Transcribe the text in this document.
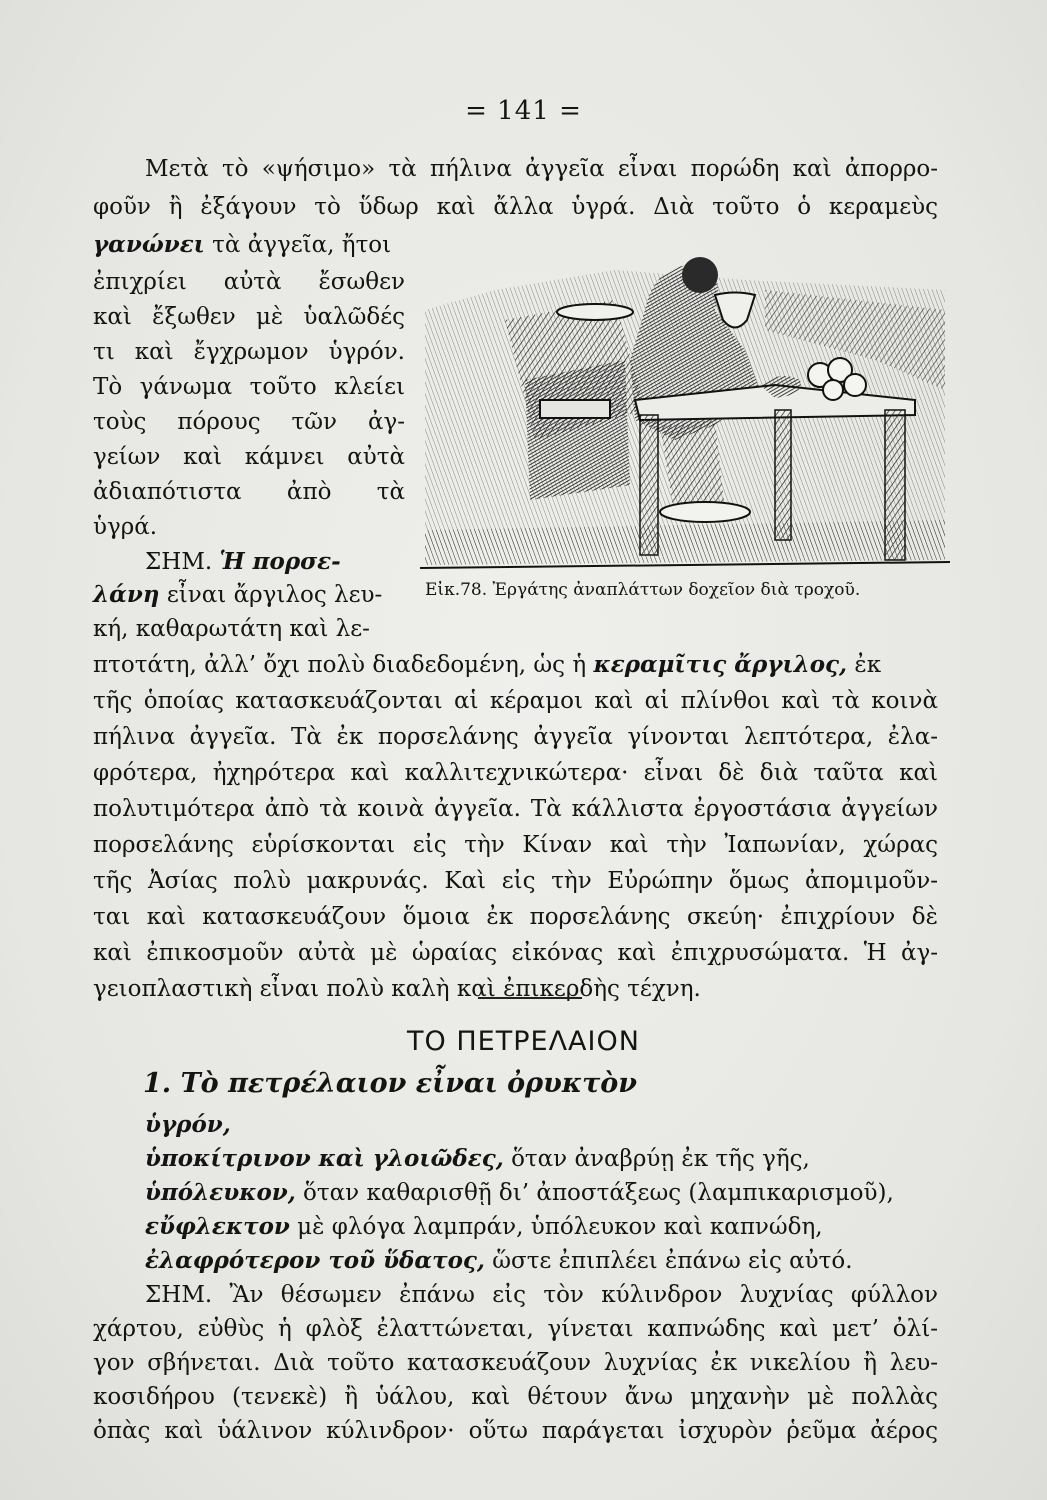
= 141 =
Μετὰ τὸ «ψήσιμο» τὰ πήλινα ἀγγεῖα εἶναι πορώδη καὶ ἀπορρο-
φοῦν ἢ ἐξάγουν τὸ ὕδωρ καὶ ἄλλα ὑγρά. Διὰ τοῦτο ὁ κεραμεὺς
γανώνει τὰ ἀγγεῖα, ἤτοι
ἐπιχρίει αὐτὰ ἔσωθεν
καὶ ἔξωθεν μὲ ὑαλῶδές
τι καὶ ἔγχρωμον ὑγρόν.
Τὸ γάνωμα τοῦτο κλείει
τοὺς πόρους τῶν ἀγ-
γείων καὶ κάμνει αὐτὰ
ἀδιαπότιστα ἀπὸ τὰ
ὑγρά.
ΣΗΜ. Ἡ πορσε-
λάνη εἶναι ἄργιλος λευ-
κή, καθαρωτάτη καὶ λε-
πτοτάτη, ἀλλ’ ὄχι πολὺ διαδεδομένη, ὡς ἡ κεραμῖτις ἄργιλος, ἐκ
τῆς ὁποίας κατασκευάζονται αἱ κέραμοι καὶ αἱ πλίνθοι καὶ τὰ κοινὰ
πήλινα ἀγγεῖα. Τὰ ἐκ πορσελάνης ἀγγεῖα γίνονται λεπτότερα, ἐλα-
φρότερα, ἠχηρότερα καὶ καλλιτεχνικώτερα· εἶναι δὲ διὰ ταῦτα καὶ
πολυτιμότερα ἀπὸ τὰ κοινὰ ἀγγεῖα. Τὰ κάλλιστα ἐργοστάσια ἀγγείων
πορσελάνης εὑρίσκονται εἰς τὴν Κίναν καὶ τὴν Ἰαπωνίαν, χώρας
τῆς Ἀσίας πολὺ μακρυνάς. Καὶ εἰς τὴν Εὐρώπην ὅμως ἀπομιμοῦν-
ται καὶ κατασκευάζουν ὅμοια ἐκ πορσελάνης σκεύη· ἐπιχρίουν δὲ
καὶ ἐπικοσμοῦν αὐτὰ μὲ ὡραίας εἰκόνας καὶ ἐπιχρυσώματα. Ἡ ἀγ-
γειοπλαστικὴ εἶναι πολὺ καλὴ καὶ ἐπικερδὴς τέχνη.
Εἰκ.78. Ἐργάτης ἀναπλάττων δοχεῖον διὰ τροχοῦ.
ΤΟ ΠΕΤΡΕΛΑΙΟΝ
1. Τὸ πετρέλαιον εἶναι ὀρυκτὸν
ὑγρόν,
ὑποκίτρινον καὶ γλοιῶδες, ὅταν ἀναβρύῃ ἐκ τῆς γῆς,
ὑπόλευκον, ὅταν καθαρισθῇ δι’ ἀποστάξεως (λαμπικαρισμοῦ),
εὔφλεκτον μὲ φλόγα λαμπράν, ὑπόλευκον καὶ καπνώδη,
ἐλαφρότερον τοῦ ὕδατος, ὥστε ἐπιπλέει ἐπάνω εἰς αὐτό.
ΣΗΜ. Ἂν θέσωμεν ἐπάνω εἰς τὸν κύλινδρον λυχνίας φύλλον
χάρτου, εὐθὺς ἡ φλὸξ ἐλαττώνεται, γίνεται καπνώδης καὶ μετ’ ὀλί-
γον σβήνεται. Διὰ τοῦτο κατασκευάζουν λυχνίας ἐκ νικελίου ἢ λευ-
κοσιδήρου (τενεκὲ) ἢ ὑάλου, καὶ θέτουν ἄνω μηχανὴν μὲ πολλὰς
ὀπὰς καὶ ὑάλινον κύλινδρον· οὕτω παράγεται ἰσχυρὸν ῥεῦμα ἀέρος
